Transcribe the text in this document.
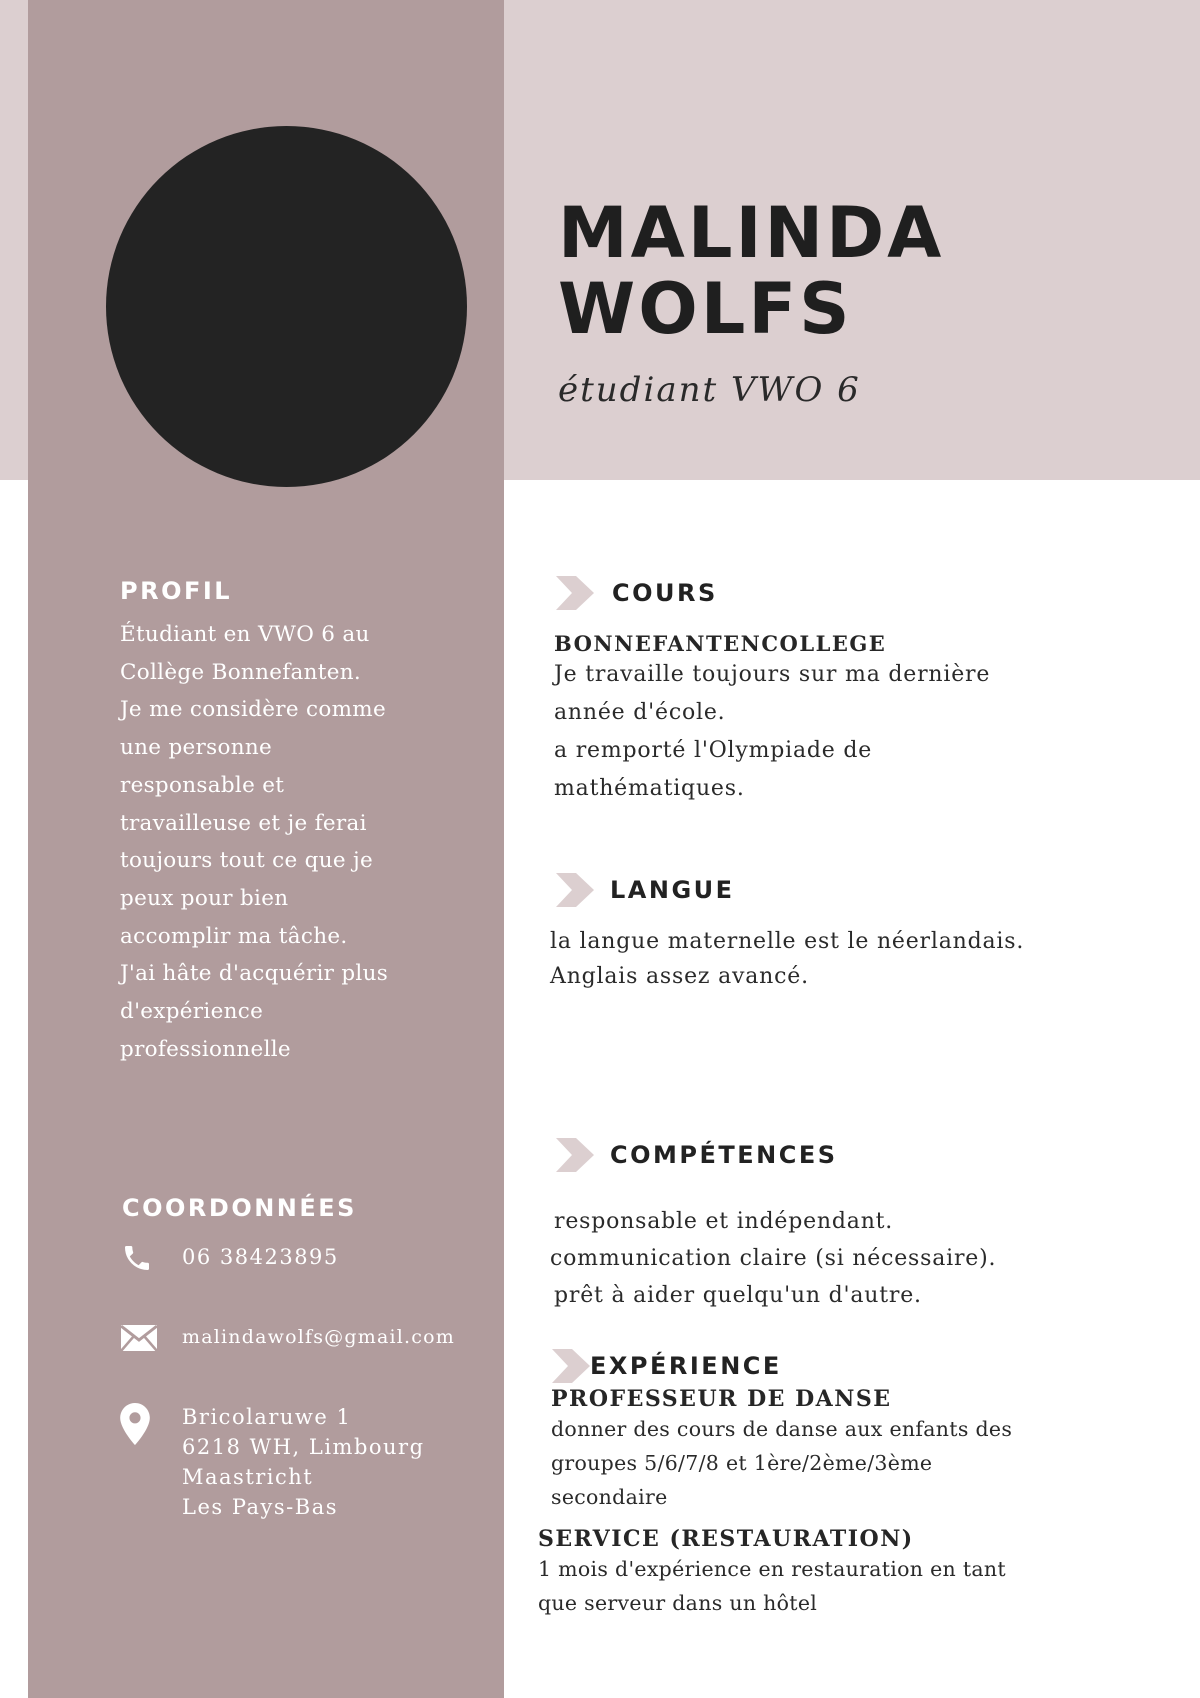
MALINDA
WOLFS
étudiant VWO 6
PROFIL
Étudiant en VWO 6 au
Collège Bonnefanten.
Je me considère comme
une personne
responsable et
travailleuse et je ferai
toujours tout ce que je
peux pour bien
accomplir ma tâche.
J'ai hâte d'acquérir plus
d'expérience
professionnelle
COORDONNÉES
06 38423895
malindawolfs@gmail.com
Bricolaruwe 1
6218 WH, Limbourg
Maastricht
Les Pays-Bas
COURS

BONNEFANTENCOLLEGE

Je travaille toujours sur ma dernière
année d'école.
a remporté l'Olympiade de
mathématiques.

LANGUE

la langue maternelle est le néerlandais.
Anglais assez avancé.

COMPÉTENCES

responsable et indépendant.
communication claire (si nécessaire).
prêt à aider quelqu'un d'autre.

EXPÉRIENCE

PROFESSEUR DE DANSE

donner des cours de danse aux enfants des
groupes 5/6/7/8 et 1ère/2ème/3ème
secondaire

SERVICE (RESTAURATION)

1 mois d'expérience en restauration en tant
que serveur dans un hôtel
